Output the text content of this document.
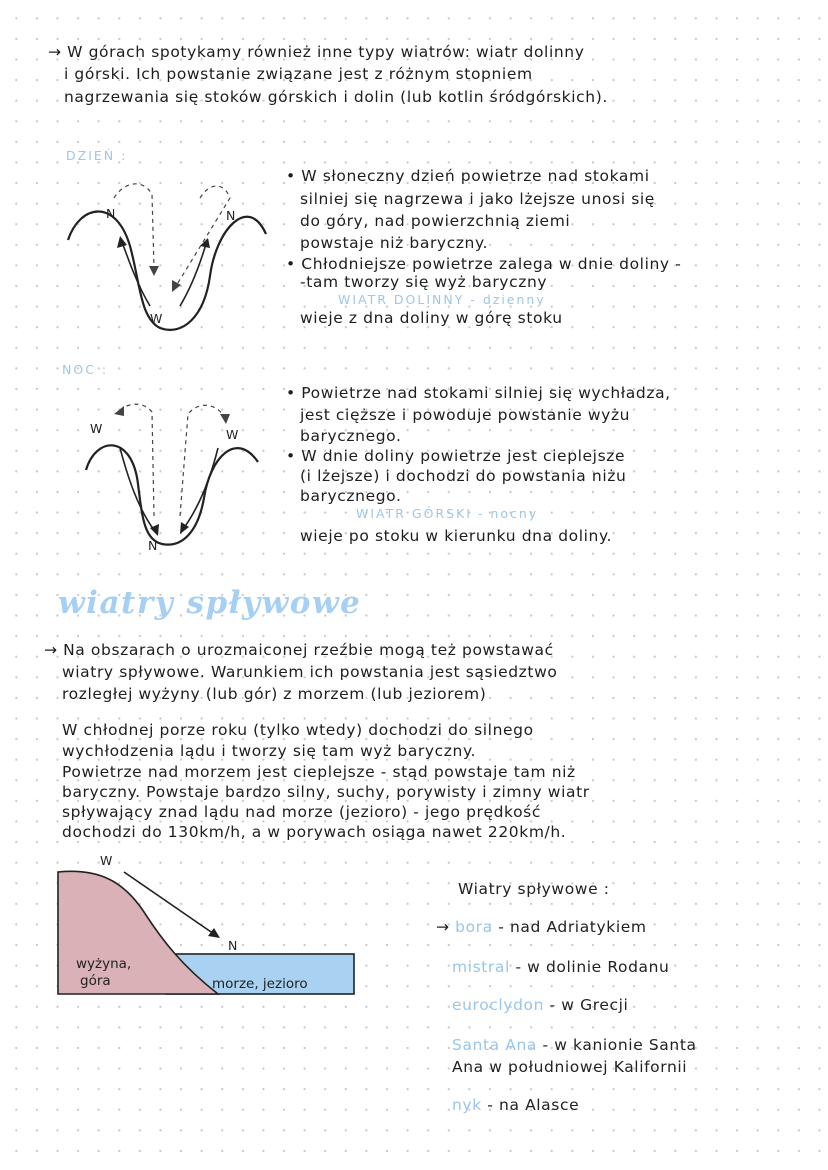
→ W górach spotykamy również inne typy wiatrów: wiatr dolinny

i górski. Ich powstanie związane jest z różnym stopniem

nagrzewania się stoków górskich i dolin (lub kotlin śródgórskich).

DZIEŃ :

N	N

W

• W słoneczny dzień powietrze nad stokami

silniej się nagrzewa i jako lżejsze unosi się

do góry, nad powierzchnią ziemi

powstaje niż baryczny.

• Chłodniejsze powietrze zalega w dnie doliny -

-tam tworzy się wyż baryczny

WIATR DOLINNY - dzienny

wieje z dna doliny w górę stoku

NOC :

W	W

N

• Powietrze nad stokami silniej się wychładza,

jest cięższe i powoduje powstanie wyżu

barycznego.

• W dnie doliny powietrze jest cieplejsze

(i lżejsze) i dochodzi do powstania niżu

barycznego.

WIATR GÓRSKI - nocny

wieje po stoku w kierunku dna doliny.

wiatry spływowe

→ Na obszarach o urozmaiconej rzeźbie mogą też powstawać

wiatry spływowe. Warunkiem ich powstania jest sąsiedztwo

rozległej wyżyny (lub gór) z morzem (lub jeziorem)

W chłodnej porze roku (tylko wtedy) dochodzi do silnego

wychłodzenia lądu i tworzy się tam wyż baryczny.

Powietrze nad morzem jest cieplejsze - stąd powstaje tam niż

baryczny. Powstaje bardzo silny, suchy, porywisty i zimny wiatr

spływający znad lądu nad morze (jezioro) - jego prędkość

dochodzi do 130km/h, a w porywach osiąga nawet 220km/h.

W

N

wyżyna,

góra	morze, jezioro

Wiatry spływowe :

→ bora - nad Adriatykiem

mistral - w dolinie Rodanu

euroclydon - w Grecji

Santa Ana - w kanionie Santa

Ana w południowej Kalifornii

nyk - na Alasce
